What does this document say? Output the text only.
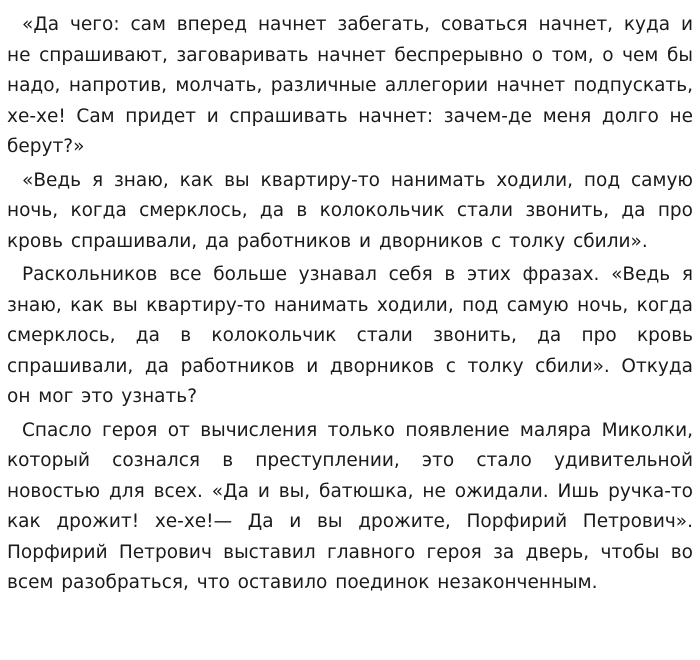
«Да чего: сам вперед начнет забегать, соваться начнет, куда и не спрашивают, заговаривать начнет беспрерывно о том, о чем бы надо, напротив, молчать, различные аллегории начнет подпускать, хе-хе! Сам придет и спрашивать начнет: зачем-де меня долго не берут?»

«Ведь я знаю, как вы квартиру-то нанимать ходили, под самую ночь, когда смерклось, да в колокольчик стали звонить, да про кровь спрашивали, да работников и дворников с толку сбили».

Раскольников все больше узнавал себя в этих фразах. «Ведь я знаю, как вы квартиру-то нанимать ходили, под самую ночь, когда смерклось, да в колокольчик стали звонить, да про кровь спрашивали, да работников и дворников с толку сбили». Откуда он мог это узнать?

Спасло героя от вычисления только появление маляра Миколки, который сознался в преступлении, это стало удивительной новостью для всех. «Да и вы, батюшка, не ожидали. Ишь ручка-то как дрожит! хе-хе!— Да и вы дрожите, Порфирий Петрович». Порфирий Петрович выставил главного героя за дверь, чтобы во всем разобраться, что оставило поединок незаконченным.
